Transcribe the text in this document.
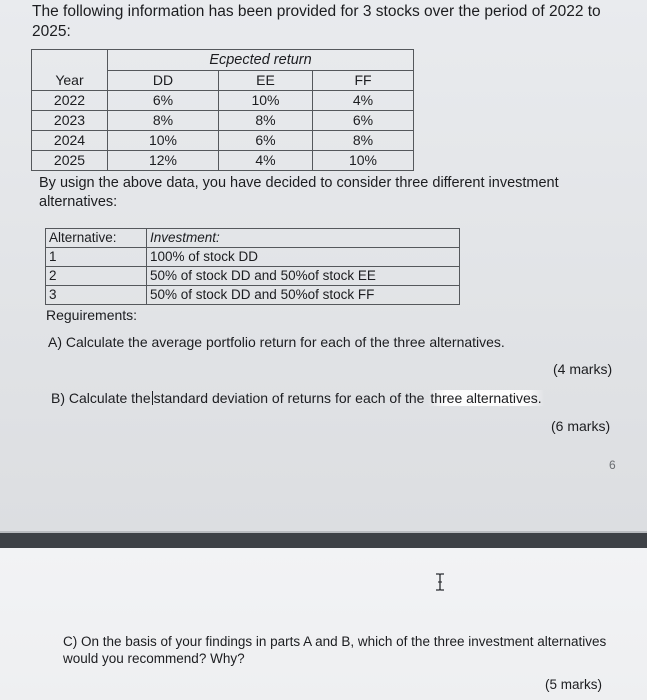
The following information has been provided for 3 stocks over the period of 2022 to 2025:

	Ecpected return		
Year	DD	EE	FF
2022	6%	10%	4%
2023	8%	8%	6%
2024	10%	6%	8%
2025	12%	4%	10%

By usign the above data, you have decided to consider three different investment alternatives:

Alternative:	Investment:
1	100% of stock DD
2	50% of stock DD and 50%of stock EE
3	50% of stock DD and 50%of stock FF

Reguirements:

A) Calculate the average portfolio return for each of the three alternatives.

(4 marks)

B) Calculate the standard deviation of returns for each of the three alternatives.

(6 marks)

6

C) On the basis of your findings in parts A and B, which of the three investment alternatives would you recommend? Why?

(5 marks)
